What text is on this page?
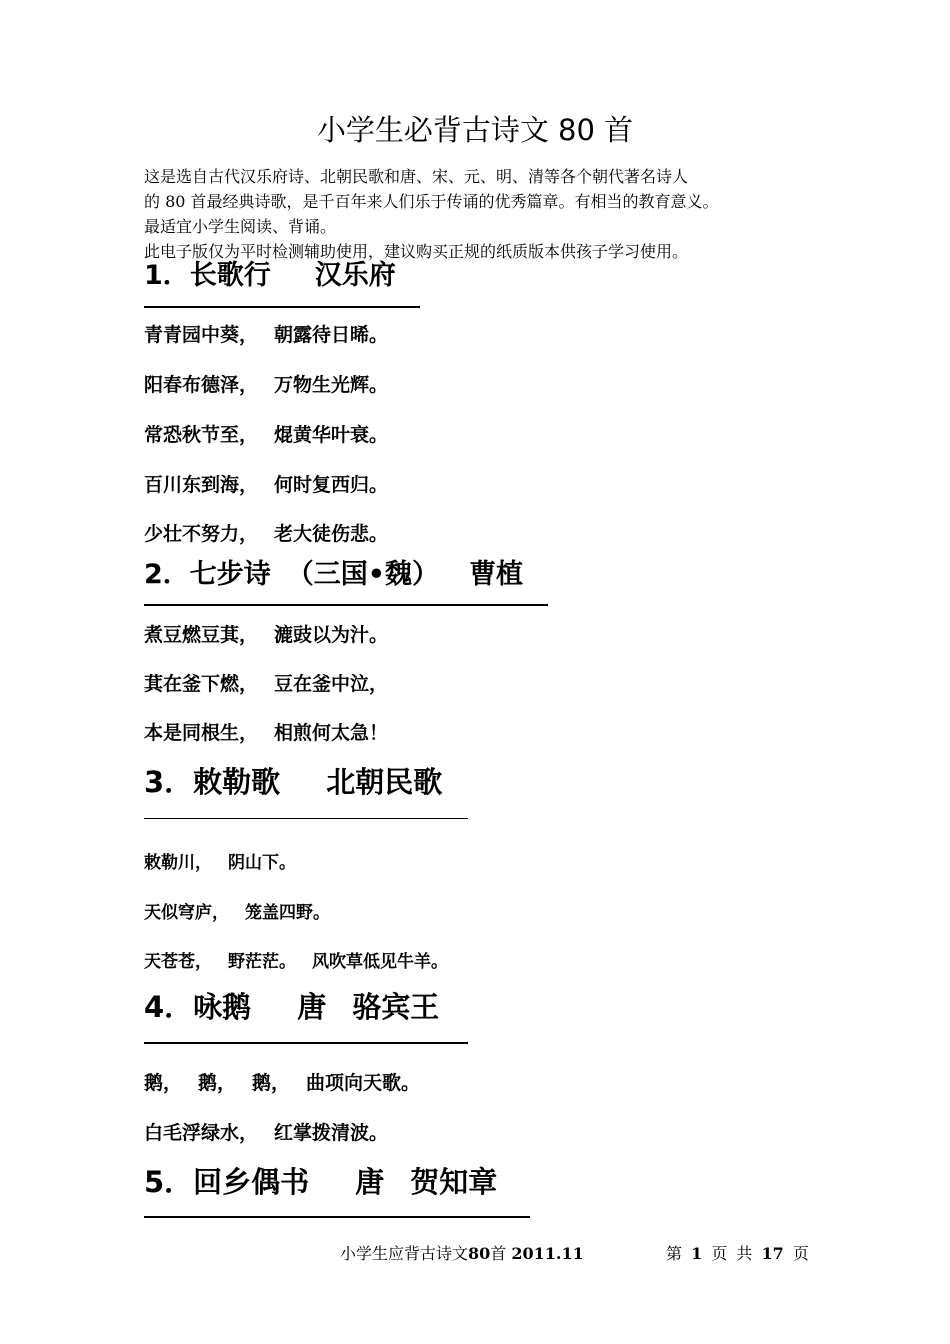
小学生必背古诗文 80 首
这是选自古代汉乐府诗、北朝民歌和唐、宋、元、明、清等各个朝代著名诗人
的 80 首最经典诗歌，是千百年来人们乐于传诵的优秀篇章。有相当的教育意义。
最适宜小学生阅读、背诵。
此电子版仅为平时检测辅助使用，建议购买正规的纸质版本供孩子学习使用。
1．长歌行 汉乐府
青青园中葵， 朝露待日晞。
阳春布德泽， 万物生光辉。
常恐秋节至， 焜黄华叶衰。
百川东到海， 何时复西归。
少壮不努力， 老大徒伤悲。
2．七步诗 （三国•魏） 曹植
煮豆燃豆萁， 漉豉以为汁。
萁在釜下燃， 豆在釜中泣，
本是同根生， 相煎何太急！
3．敕勒歌 北朝民歌
敕勒川， 阴山下。
天似穹庐， 笼盖四野。
天苍苍， 野茫茫。 风吹草低见牛羊。
4．咏鹅 唐 骆宾王
鹅， 鹅， 鹅， 曲项向天歌。
白毛浮绿水， 红掌拨清波。
5．回乡偶书 唐 贺知章
小学生应背古诗文80首 2011.11	第 1 页 共 17 页
